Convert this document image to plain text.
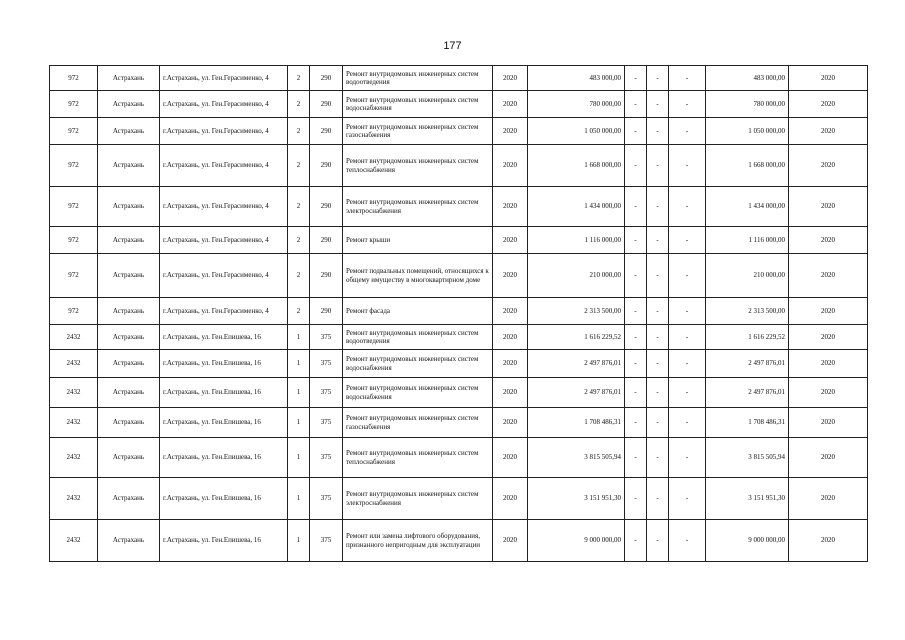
177
972	Астрахань	г.Астрахань, ул. Ген.Герасименко, 4	2	290	Ремонт внутридомовых инженерных систем водоотведения	2020	483 000,00	-	-	-	483 000,00	2020
972	Астрахань	г.Астрахань, ул. Ген.Герасименко, 4	2	290	Ремонт внутридомовых инженерных систем водоснабжения	2020	780 000,00	-	-	-	780 000,00	2020
972	Астрахань	г.Астрахань, ул. Ген.Герасименко, 4	2	290	Ремонт внутридомовых инженерных систем газоснабжения	2020	1 050 000,00	-	-	-	1 050 000,00	2020
972	Астрахань	г.Астрахань, ул. Ген.Герасименко, 4	2	290	Ремонт внутридомовых инженерных систем теплоснабжения	2020	1 668 000,00	-	-	-	1 668 000,00	2020
972	Астрахань	г.Астрахань, ул. Ген.Герасименко, 4	2	290	Ремонт внутридомовых инженерных систем электроснабжения	2020	1 434 000,00	-	-	-	1 434 000,00	2020
972	Астрахань	г.Астрахань, ул. Ген.Герасименко, 4	2	290	Ремонт крыши	2020	1 116 000,00	-	-	-	1 116 000,00	2020
972	Астрахань	г.Астрахань, ул. Ген.Герасименко, 4	2	290	Ремонт подвальных помещений, относящихся к общему имуществу в многоквартирном доме	2020	210 000,00	-	-	-	210 000,00	2020
972	Астрахань	г.Астрахань, ул. Ген.Герасименко, 4	2	290	Ремонт фасада	2020	2 313 500,00	-	-	-	2 313 500,00	2020
2432	Астрахань	г.Астрахань, ул. Ген.Епишева, 16	1	375	Ремонт внутридомовых инженерных систем водоотведения	2020	1 616 229,52	-	-	-	1 616 229,52	2020
2432	Астрахань	г.Астрахань, ул. Ген.Епишева, 16	1	375	Ремонт внутридомовых инженерных систем водоснабжения	2020	2 497 876,01	-	-	-	2 497 876,01	2020
2432	Астрахань	г.Астрахань, ул. Ген.Епишева, 16	1	375	Ремонт внутридомовых инженерных систем водоснабжения	2020	2 497 876,01	-	-	-	2 497 876,01	2020
2432	Астрахань	г.Астрахань, ул. Ген.Епишева, 16	1	375	Ремонт внутридомовых инженерных систем газоснабжения	2020	1 708 486,31	-	-	-	1 708 486,31	2020
2432	Астрахань	г.Астрахань, ул. Ген.Епишева, 16	1	375	Ремонт внутридомовых инженерных систем теплоснабжения	2020	3 815 505,94	-	-	-	3 815 505,94	2020
2432	Астрахань	г.Астрахань, ул. Ген.Епишева, 16	1	375	Ремонт внутридомовых инженерных систем электроснабжения	2020	3 151 951,30	-	-	-	3 151 951,30	2020
2432	Астрахань	г.Астрахань, ул. Ген.Епишева, 16	1	375	Ремонт или замена лифтового оборудования, признанного непригодным для эксплуатации	2020	9 000 000,00	-	-	-	9 000 000,00	2020
